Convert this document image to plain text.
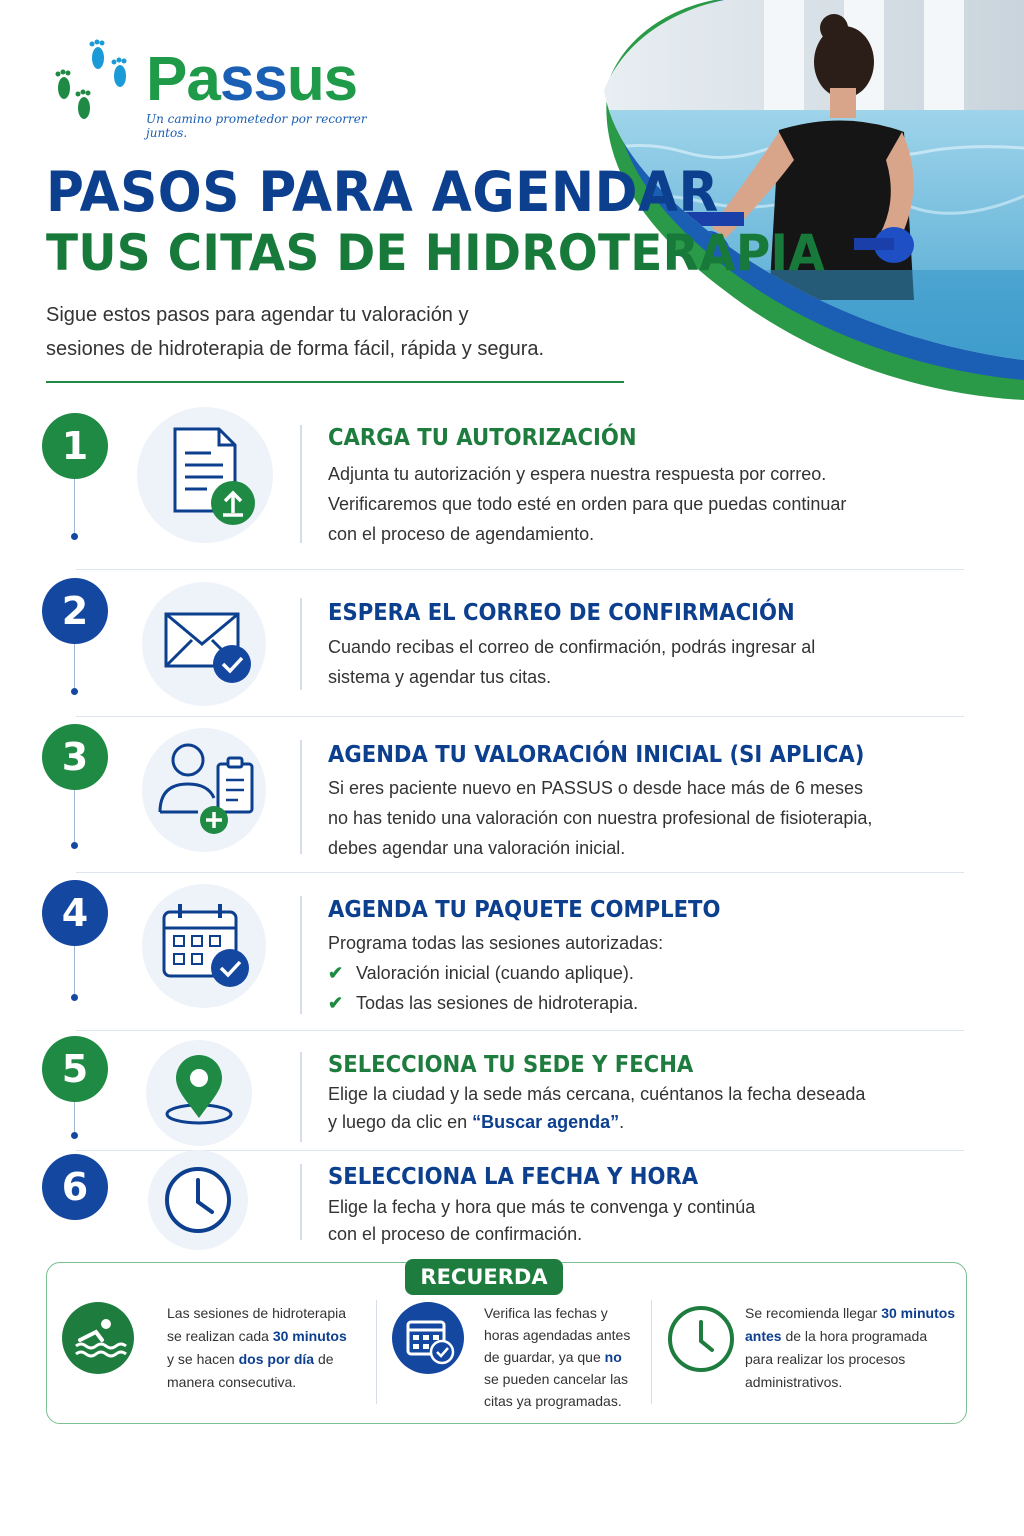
Passus
Un camino prometedor por recorrer juntos.
PASOS PARA AGENDAR
TUS CITAS DE HIDROTERAPIA
Sigue estos pasos para agendar tu valoración y
sesiones de hidroterapia de forma fácil, rápida y segura.
1	CARGA TU AUTORIZACIÓN
Adjunta tu autorización y espera nuestra respuesta por correo.
Verificaremos que todo esté en orden para que puedas continuar
con el proceso de agendamiento.
2	ESPERA EL CORREO DE CONFIRMACIÓN
Cuando recibas el correo de confirmación, podrás ingresar al
sistema y agendar tus citas.
3	AGENDA TU VALORACIÓN INICIAL (SI APLICA)
Si eres paciente nuevo en PASSUS o desde hace más de 6 meses
no has tenido una valoración con nuestra profesional de fisioterapia,
debes agendar una valoración inicial.
4	AGENDA TU PAQUETE COMPLETO
Programa todas las sesiones autorizadas:
✔ Valoración inicial (cuando aplique).
✔ Todas las sesiones de hidroterapia.
5	SELECCIONA TU SEDE Y FECHA
Elige la ciudad y la sede más cercana, cuéntanos la fecha deseada
y luego da clic en “Buscar agenda”.
6	SELECCIONA LA FECHA Y HORA
Elige la fecha y hora que más te convenga y continúa
con el proceso de confirmación.
RECUERDA
Las sesiones de hidroterapia
se realizan cada 30 minutos
y se hacen dos por día de
manera consecutiva.
Verifica las fechas y
horas agendadas antes
de guardar, ya que no
se pueden cancelar las
citas ya programadas.
Se recomienda llegar 30 minutos
antes de la hora programada
para realizar los procesos
administrativos.
